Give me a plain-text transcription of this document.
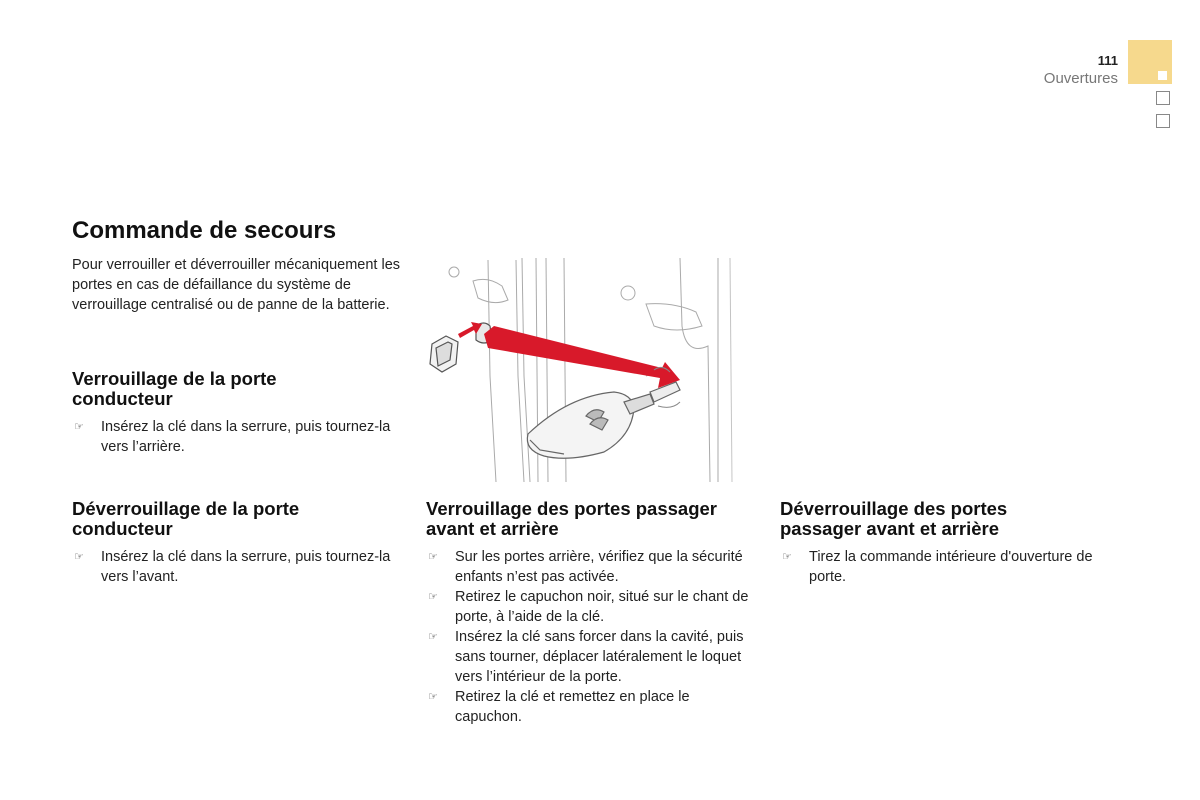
111
Ouvertures
Commande de secours

Pour verrouiller et déverrouiller mécaniquement les portes en cas de défaillance du système de verrouillage centralisé ou de panne de la batterie.

Verrouillage de la porte conducteur
☞ Insérez la clé dans la serrure, puis tournez-la vers l’arrière.
Déverrouillage de la porte conducteur
☞ Insérez la clé dans la serrure, puis tournez-la vers l’avant.
Verrouillage des portes passager avant et arrière
☞ Sur les portes arrière, vérifiez que la sécurité enfants n’est pas activée.
☞ Retirez le capuchon noir, situé sur le chant de porte, à l’aide de la clé.
☞ Insérez la clé sans forcer dans la cavité, puis sans tourner, déplacer latéralement le loquet vers l’intérieur de la porte.
☞ Retirez la clé et remettez en place le capuchon.
Déverrouillage des portes passager avant et arrière
☞ Tirez la commande intérieure d'ouverture de porte.
